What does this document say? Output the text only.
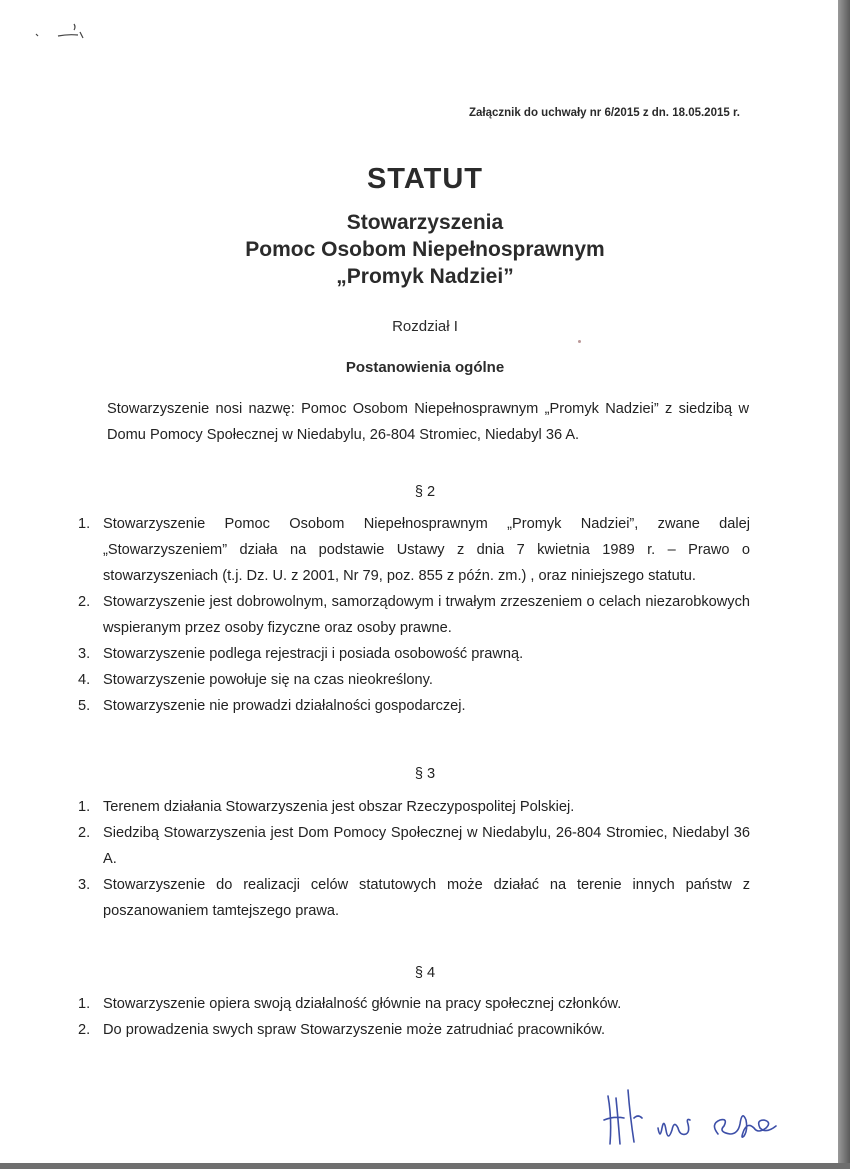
Załącznik do uchwały nr 6/2015 z dn. 18.05.2015 r.
STATUT
Stowarzyszenia
Pomoc Osobom Niepełnosprawnym
„Promyk Nadziei”
Rozdział I
Postanowienia ogólne
Stowarzyszenie nosi nazwę: Pomoc Osobom Niepełnosprawnym „Promyk Nadziei” z siedzibą w Domu Pomocy Społecznej w Niedabylu, 26-804 Stromiec, Niedabyl 36 A.
§ 2
1. Stowarzyszenie Pomoc Osobom Niepełnosprawnym „Promyk Nadziei”, zwane dalej „Stowarzyszeniem” działa na podstawie Ustawy z dnia 7 kwietnia 1989 r. – Prawo o stowarzyszeniach (t.j. Dz. U. z 2001, Nr 79, poz. 855 z późn. zm.) , oraz niniejszego statutu.
2. Stowarzyszenie jest dobrowolnym, samorządowym i trwałym zrzeszeniem o celach niezarobkowych wspieranym przez osoby fizyczne oraz osoby prawne.
3. Stowarzyszenie podlega rejestracji i posiada osobowość prawną.
4. Stowarzyszenie powołuje się na czas nieokreślony.
5. Stowarzyszenie nie prowadzi działalności gospodarczej.
§ 3
1. Terenem działania Stowarzyszenia jest obszar Rzeczypospolitej Polskiej.
2. Siedzibą Stowarzyszenia jest Dom Pomocy Społecznej w Niedabylu, 26-804 Stromiec, Niedabyl 36 A.
3. Stowarzyszenie do realizacji celów statutowych może działać na terenie innych państw z poszanowaniem tamtejszego prawa.
§ 4
1. Stowarzyszenie opiera swoją działalność głównie na pracy społecznej członków.
2. Do prowadzenia swych spraw Stowarzyszenie może zatrudniać pracowników.
